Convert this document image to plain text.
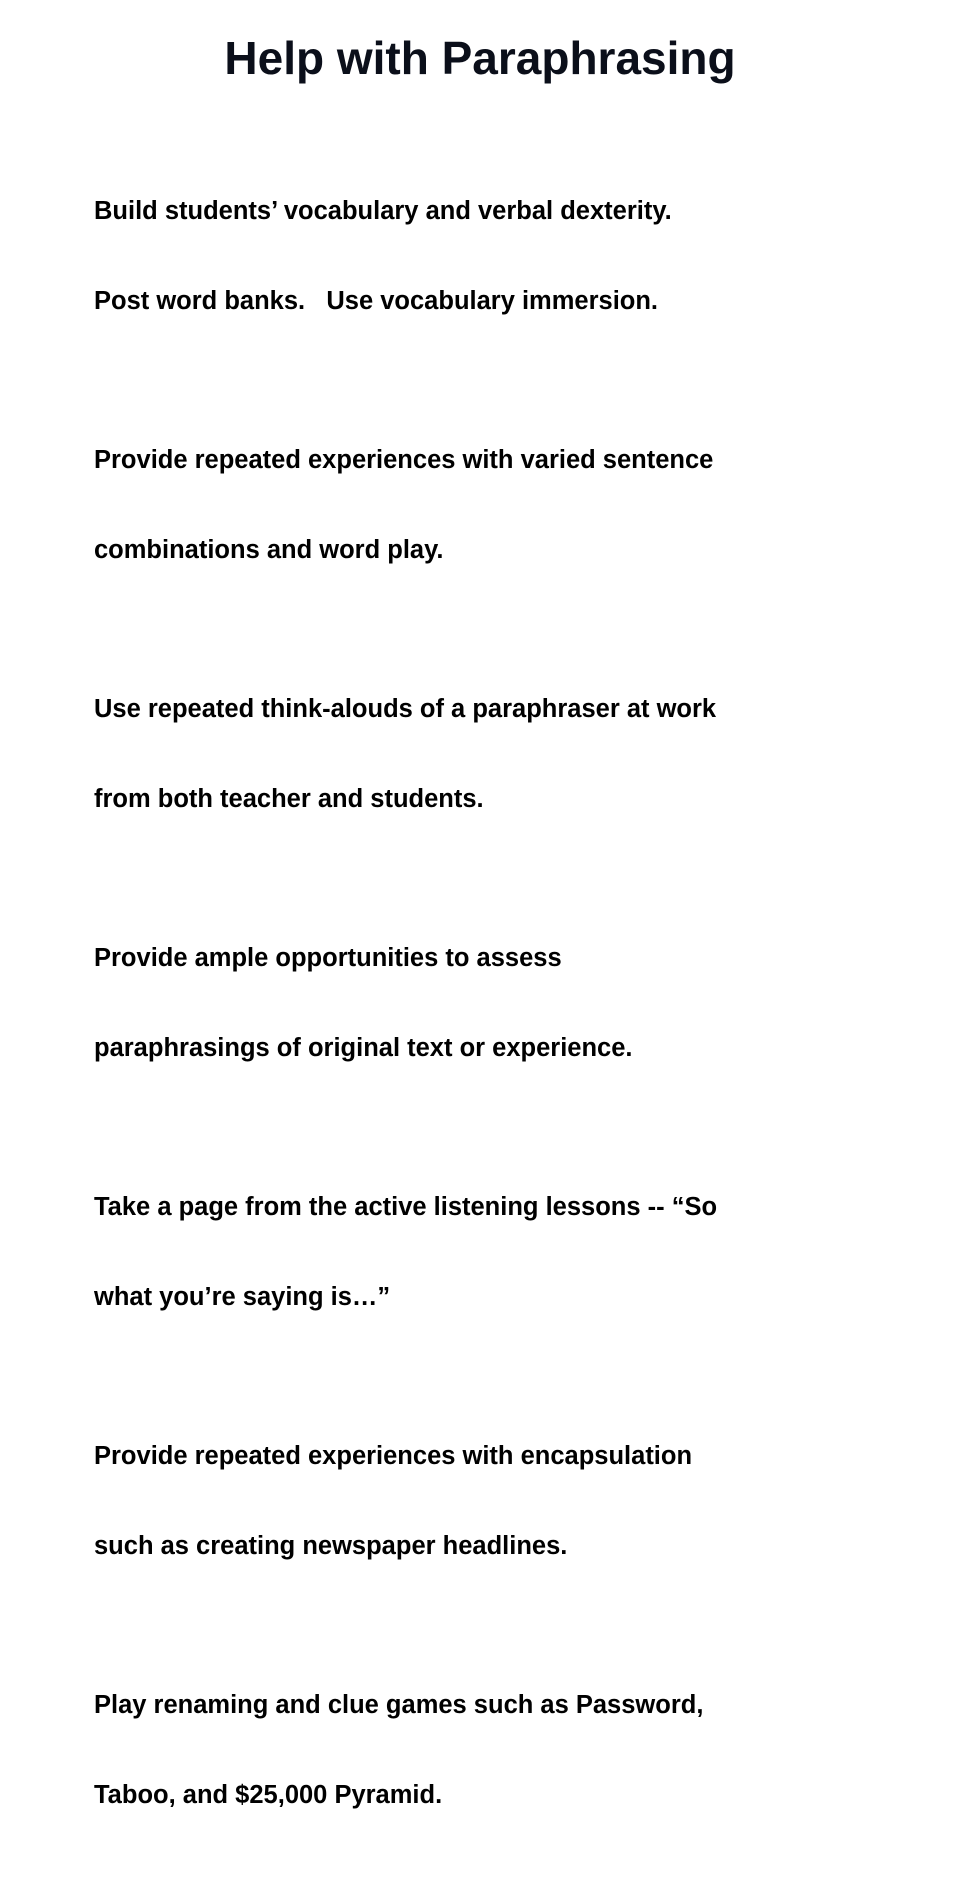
Help with Paraphrasing

Build students’ vocabulary and verbal dexterity.

Post word banks.   Use vocabulary immersion.

Provide repeated experiences with varied sentence

combinations and word play.

Use repeated think-alouds of a paraphraser at work

from both teacher and students.

Provide ample opportunities to assess

paraphrasings of original text or experience.

Take a page from the active listening lessons -- “So

what you’re saying is…”

Provide repeated experiences with encapsulation

such as creating newspaper headlines.

Play renaming and clue games such as Password,

Taboo, and $25,000 Pyramid.
